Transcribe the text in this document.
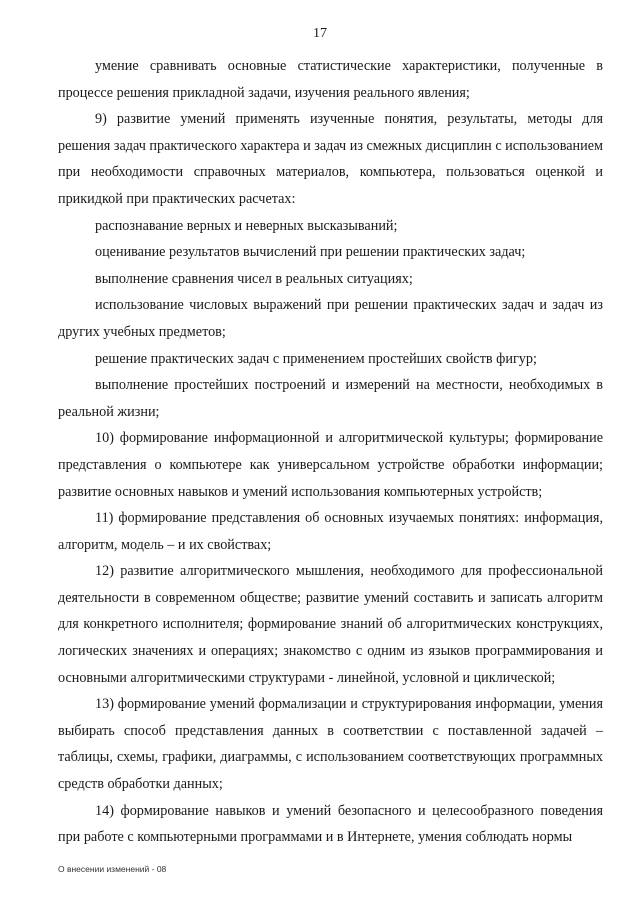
17

умение сравнивать основные статистические характеристики, полученные в процессе решения прикладной задачи, изучения реального явления;

9) развитие умений применять изученные понятия, результаты, методы для решения задач практического характера и задач из смежных дисциплин с использованием при необходимости справочных материалов, компьютера, пользоваться оценкой и прикидкой при практических расчетах:

распознавание верных и неверных высказываний;

оценивание результатов вычислений при решении практических задач;

выполнение сравнения чисел в реальных ситуациях;

использование числовых выражений при решении практических задач и задач из других учебных предметов;

решение практических задач с применением простейших свойств фигур;

выполнение простейших построений и измерений на местности, необходимых в реальной жизни;

10) формирование информационной и алгоритмической культуры; формирование представления о компьютере как универсальном устройстве обработки информации; развитие основных навыков и умений использования компьютерных устройств;

11) формирование представления об основных изучаемых понятиях: информация, алгоритм, модель – и их свойствах;

12) развитие алгоритмического мышления, необходимого для профессиональной деятельности в современном обществе; развитие умений составить и записать алгоритм для конкретного исполнителя; формирование знаний об алгоритмических конструкциях, логических значениях и операциях; знакомство с одним из языков программирования и основными алгоритмическими структурами - линейной, условной и циклической;

13) формирование умений формализации и структурирования информации, умения выбирать способ представления данных в соответствии с поставленной задачей – таблицы, схемы, графики, диаграммы, с использованием соответствующих программных средств обработки данных;

14) формирование навыков и умений безопасного и целесообразного поведения при работе с компьютерными программами и в Интернете, умения соблюдать нормы

О внесении изменений - 08
